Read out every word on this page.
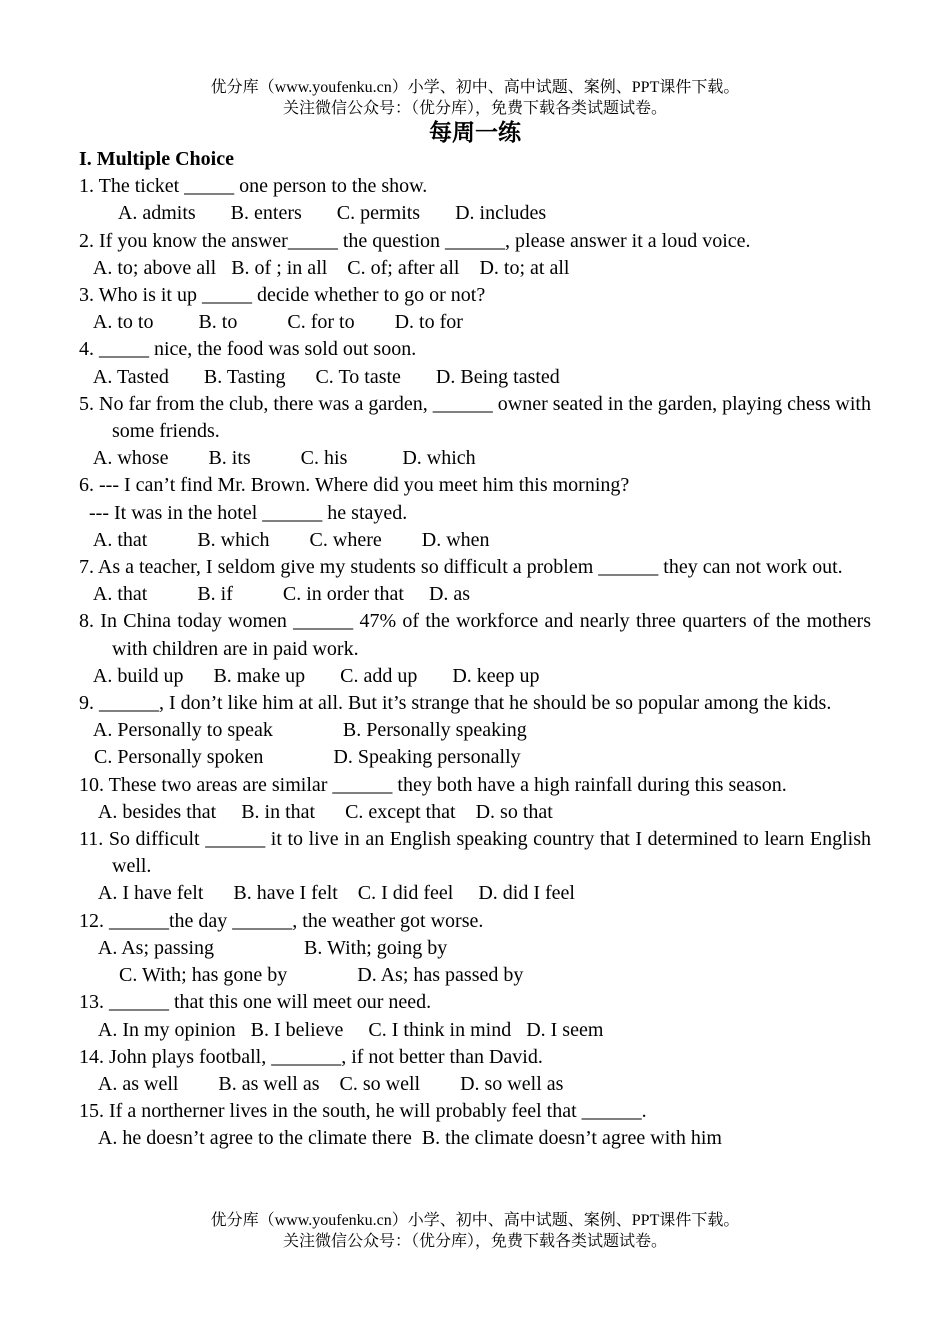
优分库（www.youfenku.cn）小学、初中、高中试题、案例、PPT课件下载。
关注微信公众号：（优分库），免费下载各类试题试卷。
每周一练
I. Multiple Choice
1. The ticket _____ one person to the show.
A. admits       B. enters       C. permits       D. includes
2. If you know the answer_____ the question ______, please answer it a loud voice.
A. to; above all   B. of ; in all    C. of; after all    D. to; at all
3. Who is it up _____ decide whether to go or not?
A. to to         B. to          C. for to        D. to for
4. _____ nice, the food was sold out soon.
A. Tasted       B. Tasting      C. To taste       D. Being tasted
5. No far from the club, there was a garden, ______ owner seated in the garden, playing chess with some friends.
A. whose        B. its          C. his           D. which
6. --- I can’t find Mr. Brown. Where did you meet him this morning?
--- It was in the hotel ______ he stayed.
A. that          B. which        C. where        D. when
7. As a teacher, I seldom give my students so difficult a problem ______ they can not work out.
A. that          B. if          C. in order that     D. as
8. In China today women ______ 47% of the workforce and nearly three quarters of the mothers with children are in paid work.
A. build up      B. make up       C. add up       D. keep up
9. ______, I don’t like him at all. But it’s strange that he should be so popular among the kids.
A. Personally to speak              B. Personally speaking
C. Personally spoken              D. Speaking personally
10. These two areas are similar ______ they both have a high rainfall during this season.
A. besides that     B. in that      C. except that    D. so that
11. So difficult ______ it to live in an English speaking country that I determined to learn English well.
A. I have felt      B. have I felt    C. I did feel     D. did I feel
12. ______the day ______, the weather got worse.
A. As; passing                  B. With; going by
C. With; has gone by              D. As; has passed by
13. ______ that this one will meet our need.
A. In my opinion   B. I believe     C. I think in mind   D. I seem
14. John plays football, _______, if not better than David.
A. as well        B. as well as    C. so well        D. so well as
15. If a northerner lives in the south, he will probably feel that ______.
A. he doesn’t agree to the climate there  B. the climate doesn’t agree with him
优分库（www.youfenku.cn）小学、初中、高中试题、案例、PPT课件下载。
关注微信公众号：（优分库），免费下载各类试题试卷。
